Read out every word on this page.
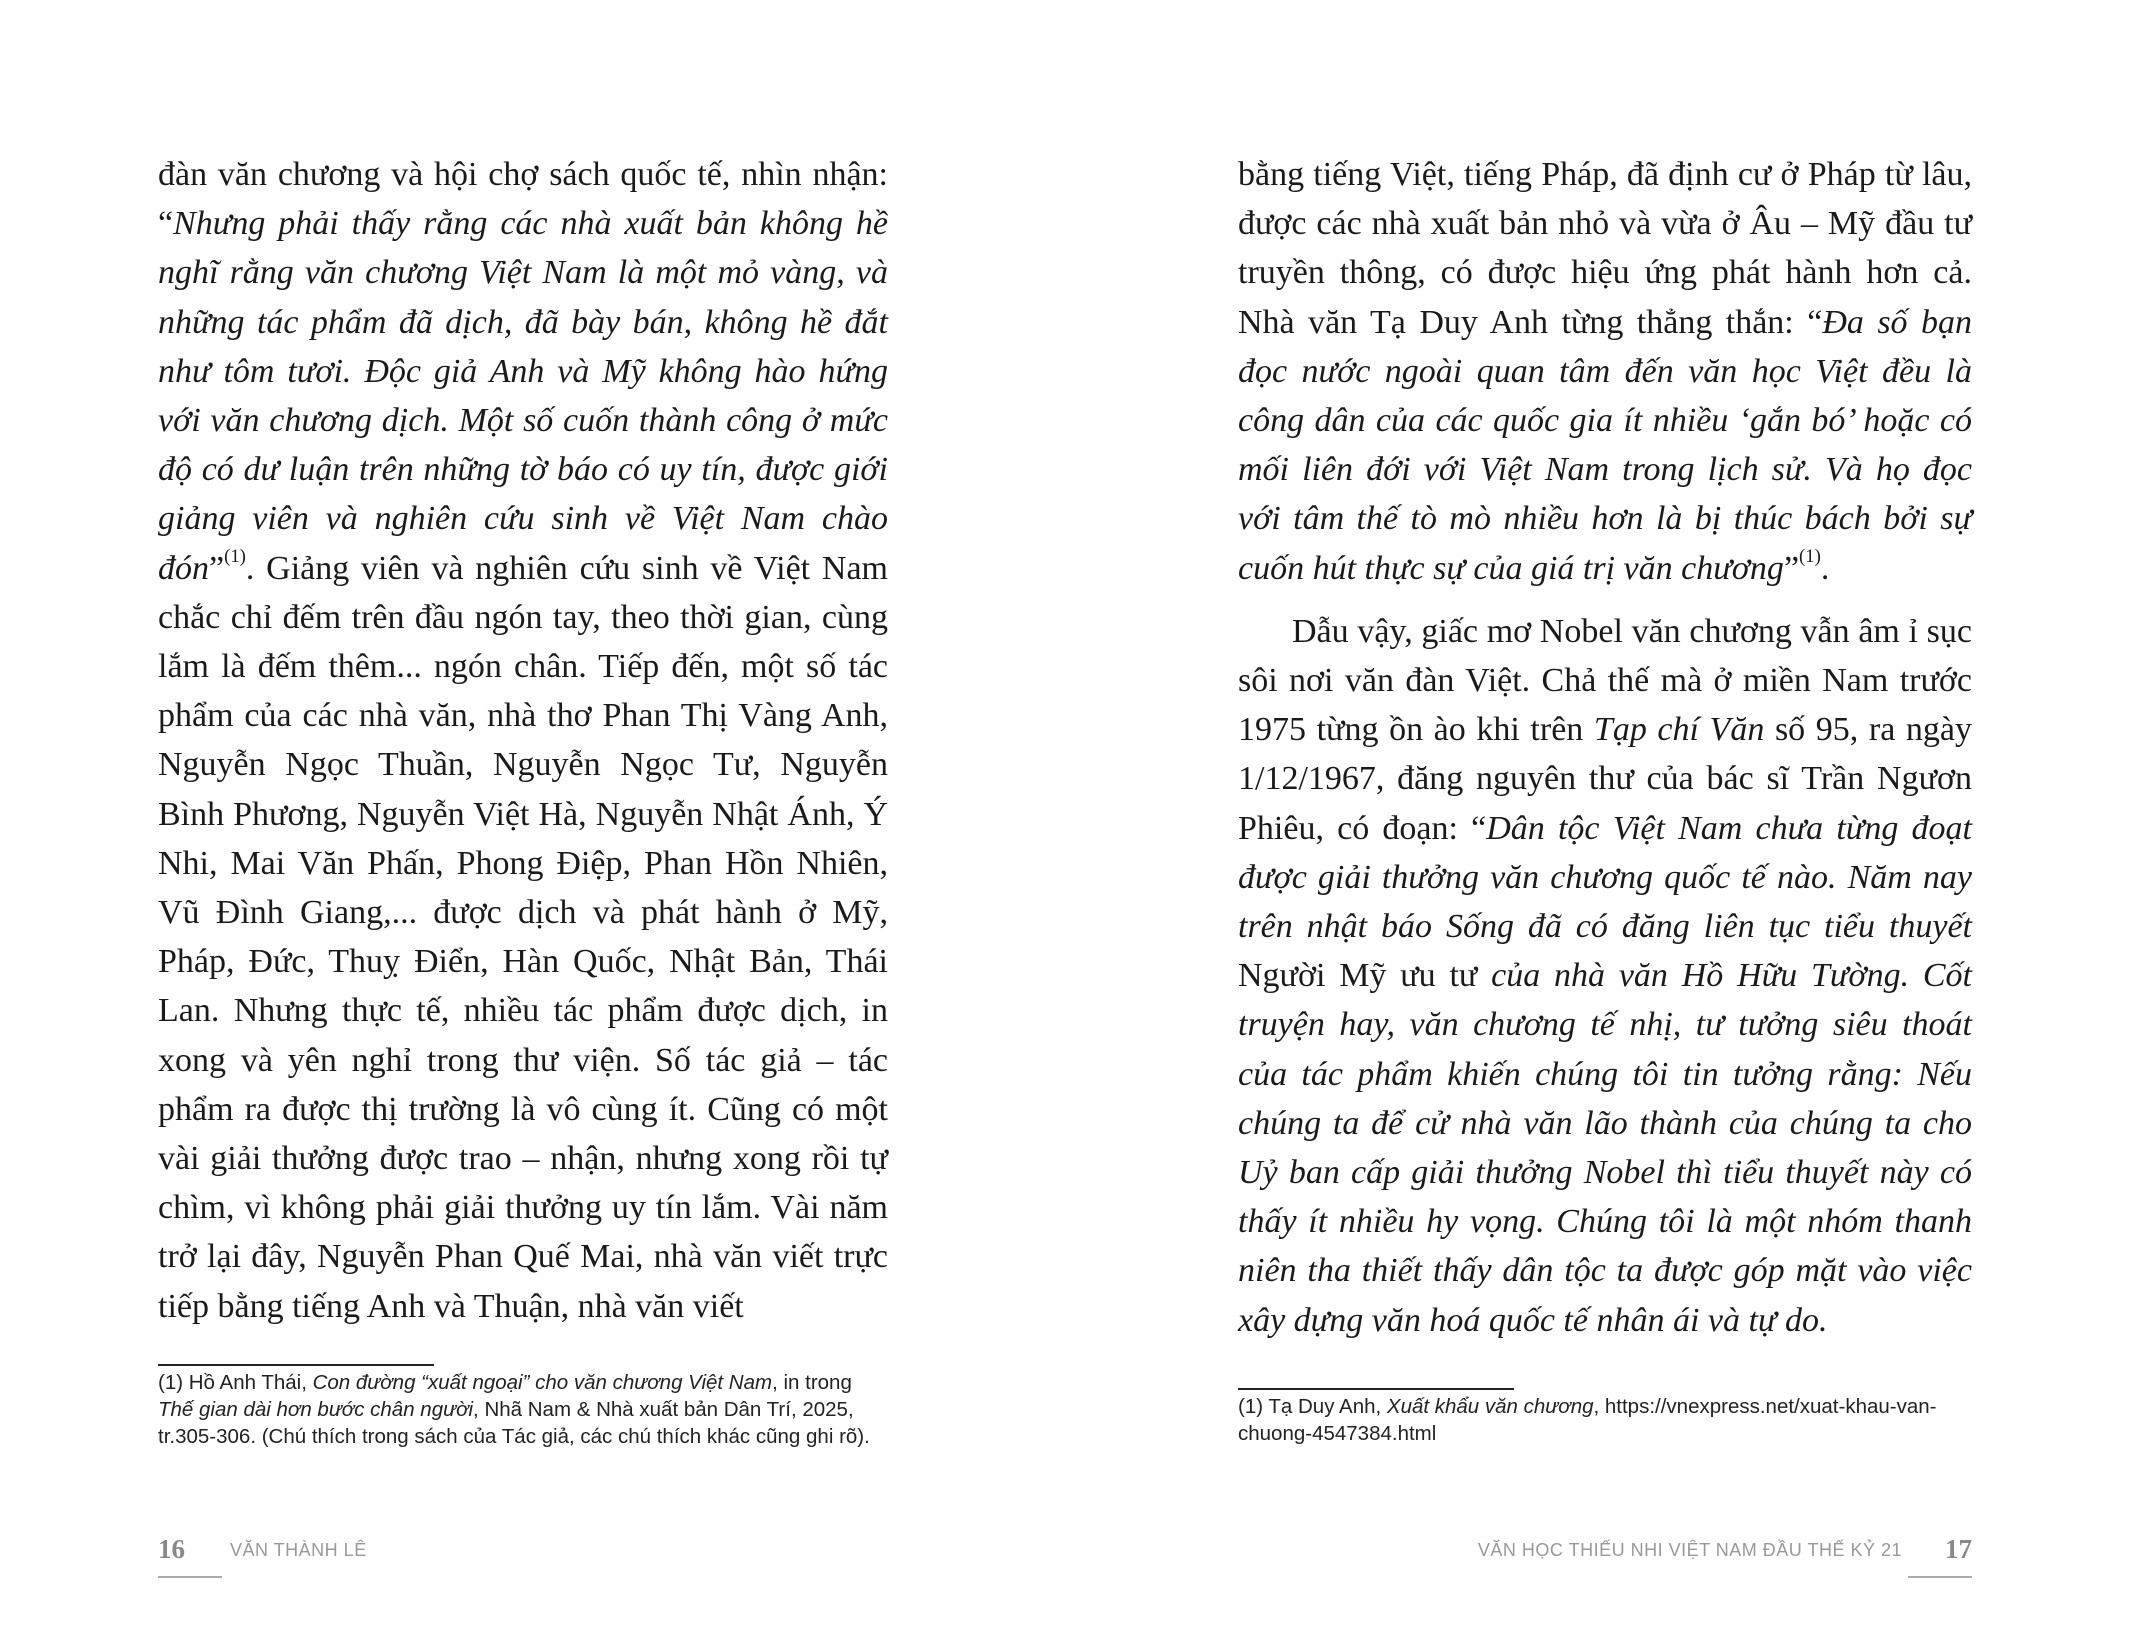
đàn văn chương và hội chợ sách quốc tế, nhìn nhận: “Nhưng phải thấy rằng các nhà xuất bản không hề nghĩ rằng văn chương Việt Nam là một mỏ vàng, và những tác phẩm đã dịch, đã bày bán, không hề đắt như tôm tươi. Độc giả Anh và Mỹ không hào hứng với văn chương dịch. Một số cuốn thành công ở mức độ có dư luận trên những tờ báo có uy tín, được giới giảng viên và nghiên cứu sinh về Việt Nam chào đón”$^{(1)}$. Giảng viên và nghiên cứu sinh về Việt Nam chắc chỉ đếm trên đầu ngón tay, theo thời gian, cùng lắm là đếm thêm... ngón chân. Tiếp đến, một số tác phẩm của các nhà văn, nhà thơ Phan Thị Vàng Anh, Nguyễn Ngọc Thuần, Nguyễn Ngọc Tư, Nguyễn Bình Phương, Nguyễn Việt Hà, Nguyễn Nhật Ánh, Ý Nhi, Mai Văn Phấn, Phong Điệp, Phan Hồn Nhiên, Vũ Đình Giang,... được dịch và phát hành ở Mỹ, Pháp, Đức, Thuỵ Điển, Hàn Quốc, Nhật Bản, Thái Lan. Nhưng thực tế, nhiều tác phẩm được dịch, in xong và yên nghỉ trong thư viện. Số tác giả – tác phẩm ra được thị trường là vô cùng ít. Cũng có một vài giải thưởng được trao – nhận, nhưng xong rồi tự chìm, vì không phải giải thưởng uy tín lắm. Vài năm trở lại đây, Nguyễn Phan Quế Mai, nhà văn viết trực tiếp bằng tiếng Anh và Thuận, nhà văn viết

(1) Hồ Anh Thái, Con đường “xuất ngoại” cho văn chương Việt Nam, in trong Thế gian dài hơn bước chân người, Nhã Nam & Nhà xuất bản Dân Trí, 2025, tr.305-306. (Chú thích trong sách của Tác giả, các chú thích khác cũng ghi rõ).
16	VĂN THÀNH LÊ

bằng tiếng Việt, tiếng Pháp, đã định cư ở Pháp từ lâu, được các nhà xuất bản nhỏ và vừa ở Âu – Mỹ đầu tư truyền thông, có được hiệu ứng phát hành hơn cả. Nhà văn Tạ Duy Anh từng thẳng thắn: “Đa số bạn đọc nước ngoài quan tâm đến văn học Việt đều là công dân của các quốc gia ít nhiều ‘gắn bó’ hoặc có mối liên đới với Việt Nam trong lịch sử. Và họ đọc với tâm thế tò mò nhiều hơn là bị thúc bách bởi sự cuốn hút thực sự của giá trị văn chương”$^{(1)}$.

Dẫu vậy, giấc mơ Nobel văn chương vẫn âm ỉ sục sôi nơi văn đàn Việt. Chả thế mà ở miền Nam trước 1975 từng ồn ào khi trên Tạp chí Văn số 95, ra ngày 1/12/1967, đăng nguyên thư của bác sĩ Trần Ngươn Phiêu, có đoạn: “Dân tộc Việt Nam chưa từng đoạt được giải thưởng văn chương quốc tế nào. Năm nay trên nhật báo Sống đã có đăng liên tục tiểu thuyết Người Mỹ ưu tư của nhà văn Hồ Hữu Tường. Cốt truyện hay, văn chương tế nhị, tư tưởng siêu thoát của tác phẩm khiến chúng tôi tin tưởng rằng: Nếu chúng ta để cử nhà văn lão thành của chúng ta cho Uỷ ban cấp giải thưởng Nobel thì tiểu thuyết này có thấy ít nhiều hy vọng. Chúng tôi là một nhóm thanh niên tha thiết thấy dân tộc ta được góp mặt vào việc xây dựng văn hoá quốc tế nhân ái và tự do.

(1) Tạ Duy Anh, Xuất khẩu văn chương, https://vnexpress.net/xuat-khau-van-chuong-4547384.html
VĂN HỌC THIẾU NHI VIỆT NAM ĐẦU THẾ KỶ 21 17
